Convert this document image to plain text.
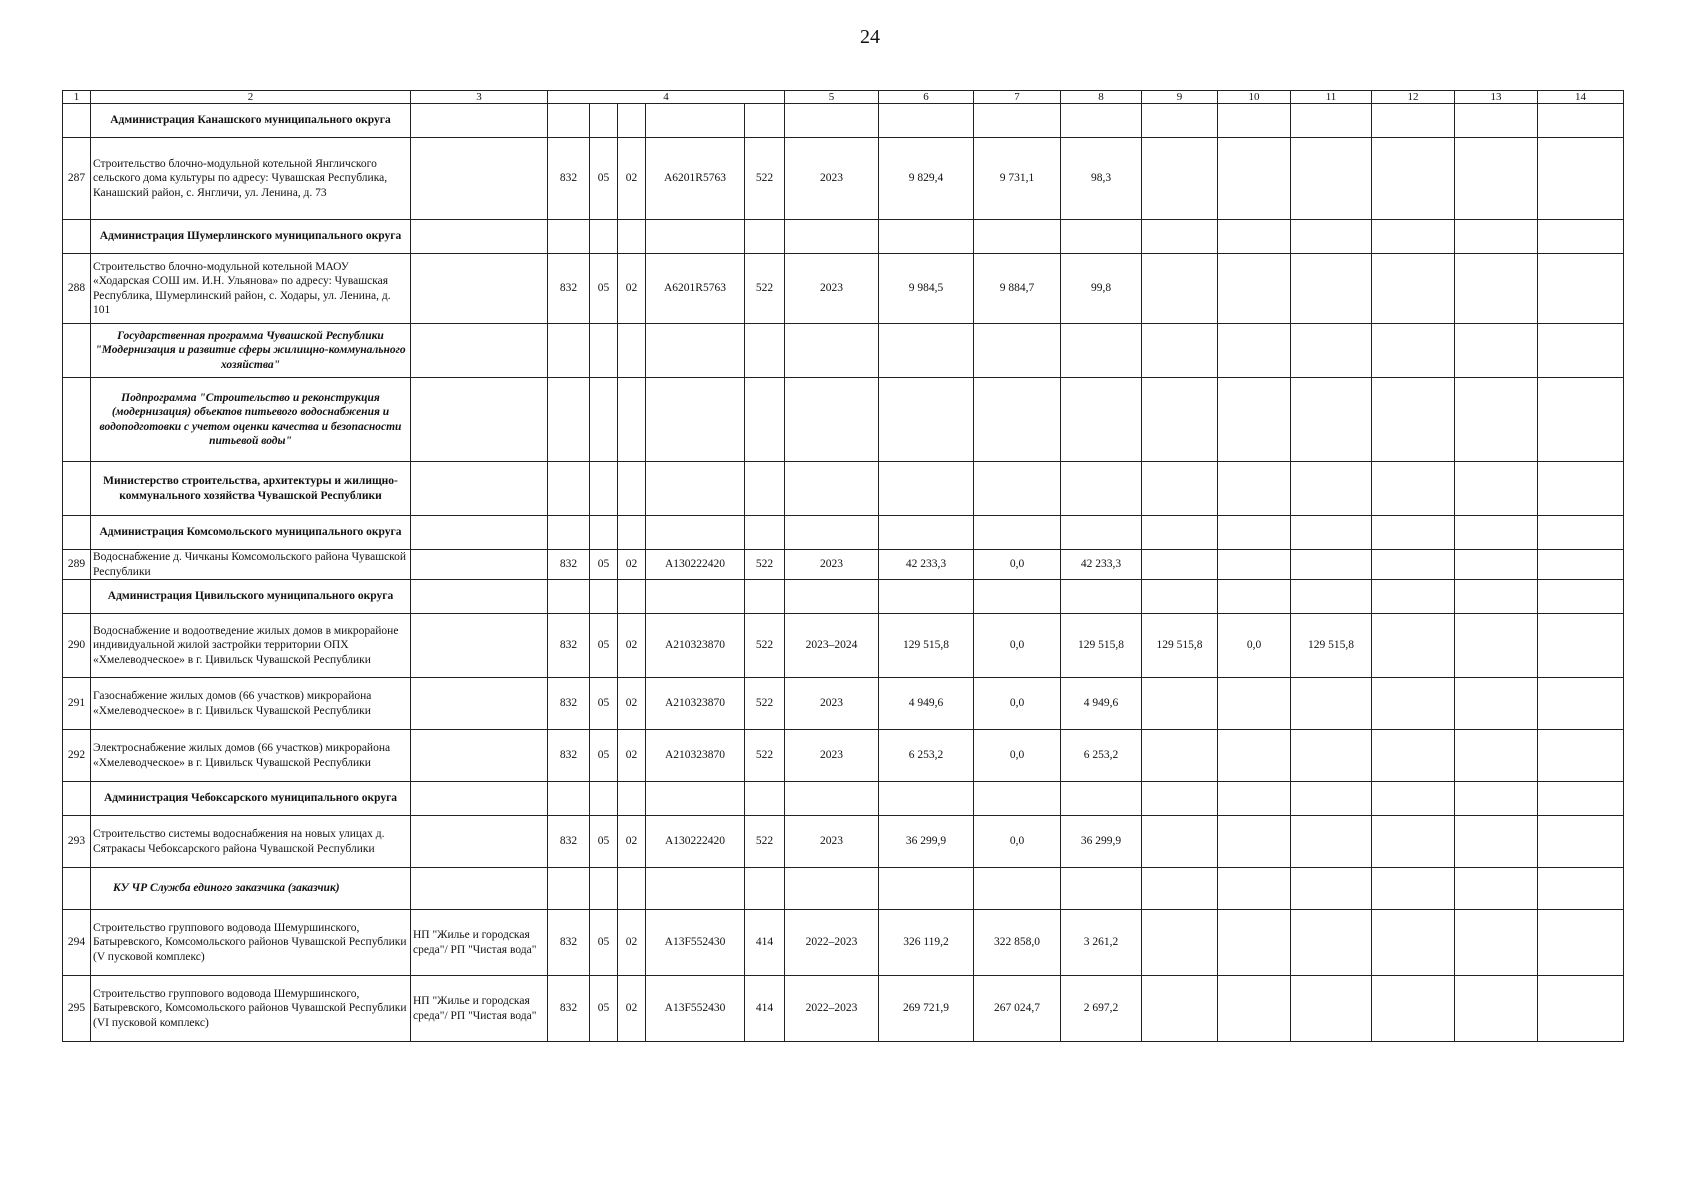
24
1	2	3	4					5	6	7	8	9	10	11	12	13	14
	Администрация Канашского муниципального округа																
287	Строительство блочно-модульной котельной Янгличского сельского дома культуры по адресу: Чувашская Республика, Канашский район, с. Янгличи, ул. Ленина, д. 73		832	05	02	A6201R5763	522	2023	9 829,4	9 731,1	98,3						
	Администрация Шумерлинского муниципального округа																
288	Строительство блочно-модульной котельной МАОУ «Ходарская СОШ им. И.Н. Ульянова» по адресу: Чувашская Республика, Шумерлинский район, с. Ходары, ул. Ленина, д. 101		832	05	02	A6201R5763	522	2023	9 984,5	9 884,7	99,8						
	Государственная программа Чувашской Республики "Модернизация и развитие сферы жилищно-коммунального хозяйства"																
	Подпрограмма "Строительство и реконструкция (модернизация) объектов питьевого водоснабжения и водоподготовки с учетом оценки качества и безопасности питьевой воды"																
	Министерство строительства, архитектуры и жилищно-коммунального хозяйства Чувашской Республики																
	Администрация Комсомольского муниципального округа																
289	Водоснабжение д. Чичканы Комсомольского района Чувашской Республики		832	05	02	A130222420	522	2023	42 233,3	0,0	42 233,3						
	Администрация Цивильского муниципального округа																
290	Водоснабжение и водоотведение жилых домов в микрорайоне индивидуальной жилой застройки территории ОПХ «Хмелеводческое» в г. Цивильск Чувашской Республики		832	05	02	A210323870	522	2023–2024	129 515,8	0,0	129 515,8	129 515,8	0,0	129 515,8			
291	Газоснабжение жилых домов (66 участков) микрорайона «Хмелеводческое» в г. Цивильск Чувашской Республики		832	05	02	A210323870	522	2023	4 949,6	0,0	4 949,6						
292	Электроснабжение жилых домов (66 участков) микрорайона «Хмелеводческое» в г. Цивильск Чувашской Республики		832	05	02	A210323870	522	2023	6 253,2	0,0	6 253,2						
	Администрация Чебоксарского муниципального округа																
293	Строительство системы водоснабжения на новых улицах д. Сятракасы Чебоксарского района Чувашской Республики		832	05	02	A130222420	522	2023	36 299,9	0,0	36 299,9						
	КУ ЧР Служба единого заказчика (заказчик)																
294	Строительство группового водовода Шемуршинского, Батыревского, Комсомольского районов Чувашской Республики (V пусковой комплекс)	НП "Жилье и городская среда"/ РП "Чистая вода"	832	05	02	A13F552430	414	2022–2023	326 119,2	322 858,0	3 261,2						
295	Строительство группового водовода Шемуршинского, Батыревского, Комсомольского районов Чувашской Республики (VI пусковой комплекс)	НП "Жилье и городская среда"/ РП "Чистая вода"	832	05	02	A13F552430	414	2022–2023	269 721,9	267 024,7	2 697,2						
